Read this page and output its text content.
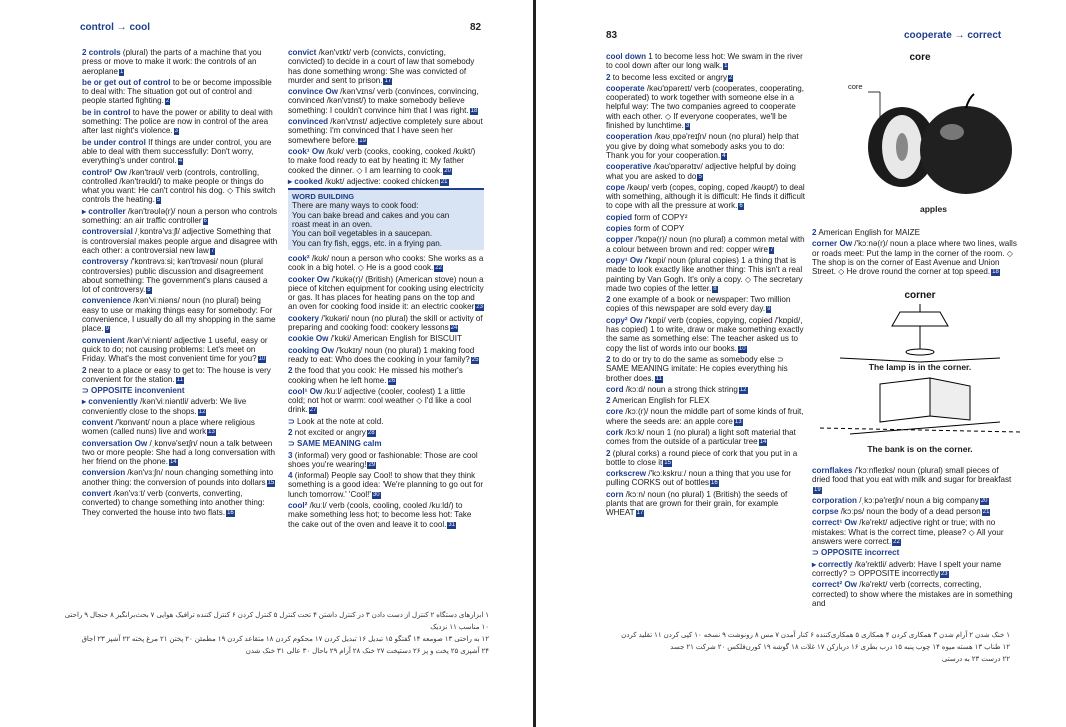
control → cool	82
2 controls (plural) the parts of a machine that you press or move to make it work: the controls of an aeroplane 1
be or get out of control to be or become impossible to deal with: The situation got out of control and people started fighting. 2
be in control to have the power or ability to deal with something: The police are now in control of the area after last night's violence. 3
be under control If things are under control, you are able to deal with them successfully: Don't worry, everything's under control. 4
control² Ow /kən'trəʊl/ verb (controls, controlling, controlled /kən'trəʊld/) to make people or things do what you want: He can't control his dog. ◇ This switch controls the heating. 5
▸ controller /kən'trəʊlə(r)/ noun a person who controls something: an air traffic controller 6
controversial /ˌkɒntrə'vɜːʃl/ adjective Something that is controversial makes people argue and disagree with each other: a controversial new law 7
controversy /'kɒntrəvɜːsi; kən'trɒvəsi/ noun (plural controversies) public discussion and disagreement about something: The government's plans caused a lot of controversy. 8
convenience /kən'viːniəns/ noun (no plural) being easy to use or making things easy for somebody: For convenience, I usually do all my shopping in the same place. 9
convenient /kən'viːniənt/ adjective 1 useful, easy or quick to do; not causing problems: Let's meet on Friday. What's the most convenient time for you? 10
2 near to a place or easy to get to: The house is very convenient for the station. 11
⊃ OPPOSITE inconvenient
▸ conveniently /kən'viːniəntli/ adverb: We live conveniently close to the shops. 12
convent /'kɒnvənt/ noun a place where religious women (called nuns) live and work 13
conversation Ow /ˌkɒnvə'seɪʃn/ noun a talk between two or more people: She had a long conversation with her friend on the phone. 14
conversion /kən'vɜːʃn/ noun changing something into another thing: the conversion of pounds into dollars 15
convert /kən'vɜːt/ verb (converts, converting, converted) to change something into another thing: They converted the house into two flats. 16
convict /kən'vɪkt/ verb (convicts, convicting, convicted) to decide in a court of law that somebody has done something wrong: She was convicted of murder and sent to prison. 17
convince Ow /kən'vɪns/ verb (convinces, convincing, convinced /kən'vɪnst/) to make somebody believe something: I couldn't convince him that I was right. 18
convinced /kən'vɪnst/ adjective completely sure about something: I'm convinced that I have seen her somewhere before. 19
cook¹ Ow /kʊk/ verb (cooks, cooking, cooked /kʊkt/) to make food ready to eat by heating it: My father cooked the dinner. ◇ I am learning to cook. 20
▸ cooked /kʊkt/ adjective: cooked chicken 21
WORD BUILDING
There are many ways to cook food:
You can bake bread and cakes and you can
roast meat in an oven.
You can boil vegetables in a saucepan.
You can fry fish, eggs, etc. in a frying pan.
cook² /kʊk/ noun a person who cooks: She works as a cook in a big hotel. ◇ He is a good cook. 22
cooker Ow /'kʊkə(r)/ (British) (American stove) noun a piece of kitchen equipment for cooking using electricity or gas. It has places for heating pans on the top and an oven for cooking food inside it: an electric cooker 23
cookery /'kʊkəri/ noun (no plural) the skill or activity of preparing and cooking food: cookery lessons 24
cookie Ow /'kʊki/ American English for BISCUIT
cooking Ow /'kʊkɪŋ/ noun (no plural) 1 making food ready to eat: Who does the cooking in your family? 25
2 the food that you cook: He missed his mother's cooking when he left home. 26
cool¹ Ow /kuːl/ adjective (cooler, coolest) 1 a little cold; not hot or warm: cool weather ◇ I'd like a cool drink. 27
⊃ Look at the note at cold.
2 not excited or angry 28
⊃ SAME MEANING calm
3 (informal) very good or fashionable: Those are cool shoes you're wearing! 29
4 (informal) People say Cool! to show that they think something is a good idea: 'We're planning to go out for lunch tomorrow.' 'Cool!' 30
cool² /kuːl/ verb (cools, cooling, cooled /kuːld/) to make something less hot; to become less hot: Take the cake out of the oven and leave it to cool. 31
۱ ابزارهای دستگاه ۲ کنترل از دست دادن ۳ در کنترل داشتن ۴ تحت کنترل ۵ کنترل کردن ۶ کنترل کننده ترافیک هوایی ۷ بحث‌برانگیز ۸ جنجال ۹ راحتی ۱۰ مناسب ۱۱ نزدیک
۱۲ به راحتی ۱۳ صومعه ۱۴ گفتگو ۱۵ تبدیل ۱۶ تبدیل کردن ۱۷ محکوم کردن ۱۸ متقاعد کردن ۱۹ مطمئن ۲۰ پختن ۲۱ مرغ پخته ۲۲ آشپز ۲۳ اجاق
۲۴ آشپزی ۲۵ پخت و پز ۲۶ دستپخت ۲۷ خنک ۲۸ آرام ۲۹ باحال ۳۰ عالی ۳۱ خنک شدن
83	cooperate → correct
cool down 1 to become less hot: We swam in the river to cool down after our long walk. 1
2 to become less excited or angry 2
cooperate /kəʊ'ɒpəreɪt/ verb (cooperates, cooperating, cooperated) to work together with someone else in a helpful way: The two companies agreed to cooperate with each other. ◇ If everyone cooperates, we'll be finished by lunchtime. 3
cooperation /kəʊˌɒpə'reɪʃn/ noun (no plural) help that you give by doing what somebody asks you to do: Thank you for your cooperation. 4
cooperative /kəʊ'ɒpərətɪv/ adjective helpful by doing what you are asked to do 5
cope /kəʊp/ verb (copes, coping, coped /kəʊpt/) to deal with something, although it is difficult: He finds it difficult to cope with all the pressure at work. 6
copied form of COPY²
copies form of COPY
copper /'kɒpə(r)/ noun (no plural) a common metal with a colour between brown and red: copper wire 7
copy¹ Ow /'kɒpi/ noun (plural copies) 1 a thing that is made to look exactly like another thing: This isn't a real painting by Van Gogh. It's only a copy. ◇ The secretary made two copies of the letter. 8
2 one example of a book or newspaper: Two million copies of this newspaper are sold every day. 9
copy² Ow /'kɒpi/ verb (copies, copying, copied /'kɒpid/, has copied) 1 to write, draw or make something exactly the same as something else: The teacher asked us to copy the list of words into our books. 10
2 to do or try to do the same as somebody else ⊃ SAME MEANING imitate: He copies everything his brother does. 11
cord /kɔːd/ noun a strong thick string 12
2 American English for FLEX
core /kɔː(r)/ noun the middle part of some kinds of fruit, where the seeds are: an apple core 13
cork /kɔːk/ noun 1 (no plural) a light soft material that comes from the outside of a particular tree 14
2 (plural corks) a round piece of cork that you put in a bottle to close it 15
corkscrew /'kɔːkskruː/ noun a thing that you use for pulling CORKS out of bottles 16
corn /kɔːn/ noun (no plural) 1 (British) the seeds of plants that are grown for their grain, for example WHEAT 17
core
core
apples
2 American English for MAIZE
corner Ow /'kɔːnə(r)/ noun a place where two lines, walls or roads meet: Put the lamp in the corner of the room. ◇ The shop is on the corner of East Avenue and Union Street. ◇ He drove round the corner at top speed. 18
corner
The lamp is in the corner.
The bank is on the corner.
cornflakes /'kɔːnfleɪks/ noun (plural) small pieces of dried food that you eat with milk and sugar for breakfast19
corporation /ˌkɔːpə'reɪʃn/ noun a big company 20
corpse /kɔːps/ noun the body of a dead person 21
correct¹ Ow /kə'rekt/ adjective right or true; with no mistakes: What is the correct time, please? ◇ All your answers were correct. 22
⊃ OPPOSITE incorrect
▸ correctly /kə'rektli/ adverb: Have I spelt your name correctly? ⊃ OPPOSITE incorrectly 23
correct² Ow /kə'rekt/ verb (corrects, correcting, corrected) to show where the mistakes are in something and
۱ خنک شدن ۲ آرام شدن ۳ همکاری کردن ۴ همکاری ۵ همکاری‌کننده ۶ کنار آمدن ۷ مس ۸ رونوشت ۹ نسخه ۱۰ کپی کردن ۱۱ تقلید کردن
۱۲ طناب ۱۳ هسته میوه ۱۴ چوب پنبه ۱۵ درب بطری ۱۶ دربازکن ۱۷ غلات ۱۸ گوشه ۱۹ کورن‌فلکس ۲۰ شرکت ۲۱ جسد
۲۲ درست ۲۳ به درستی
